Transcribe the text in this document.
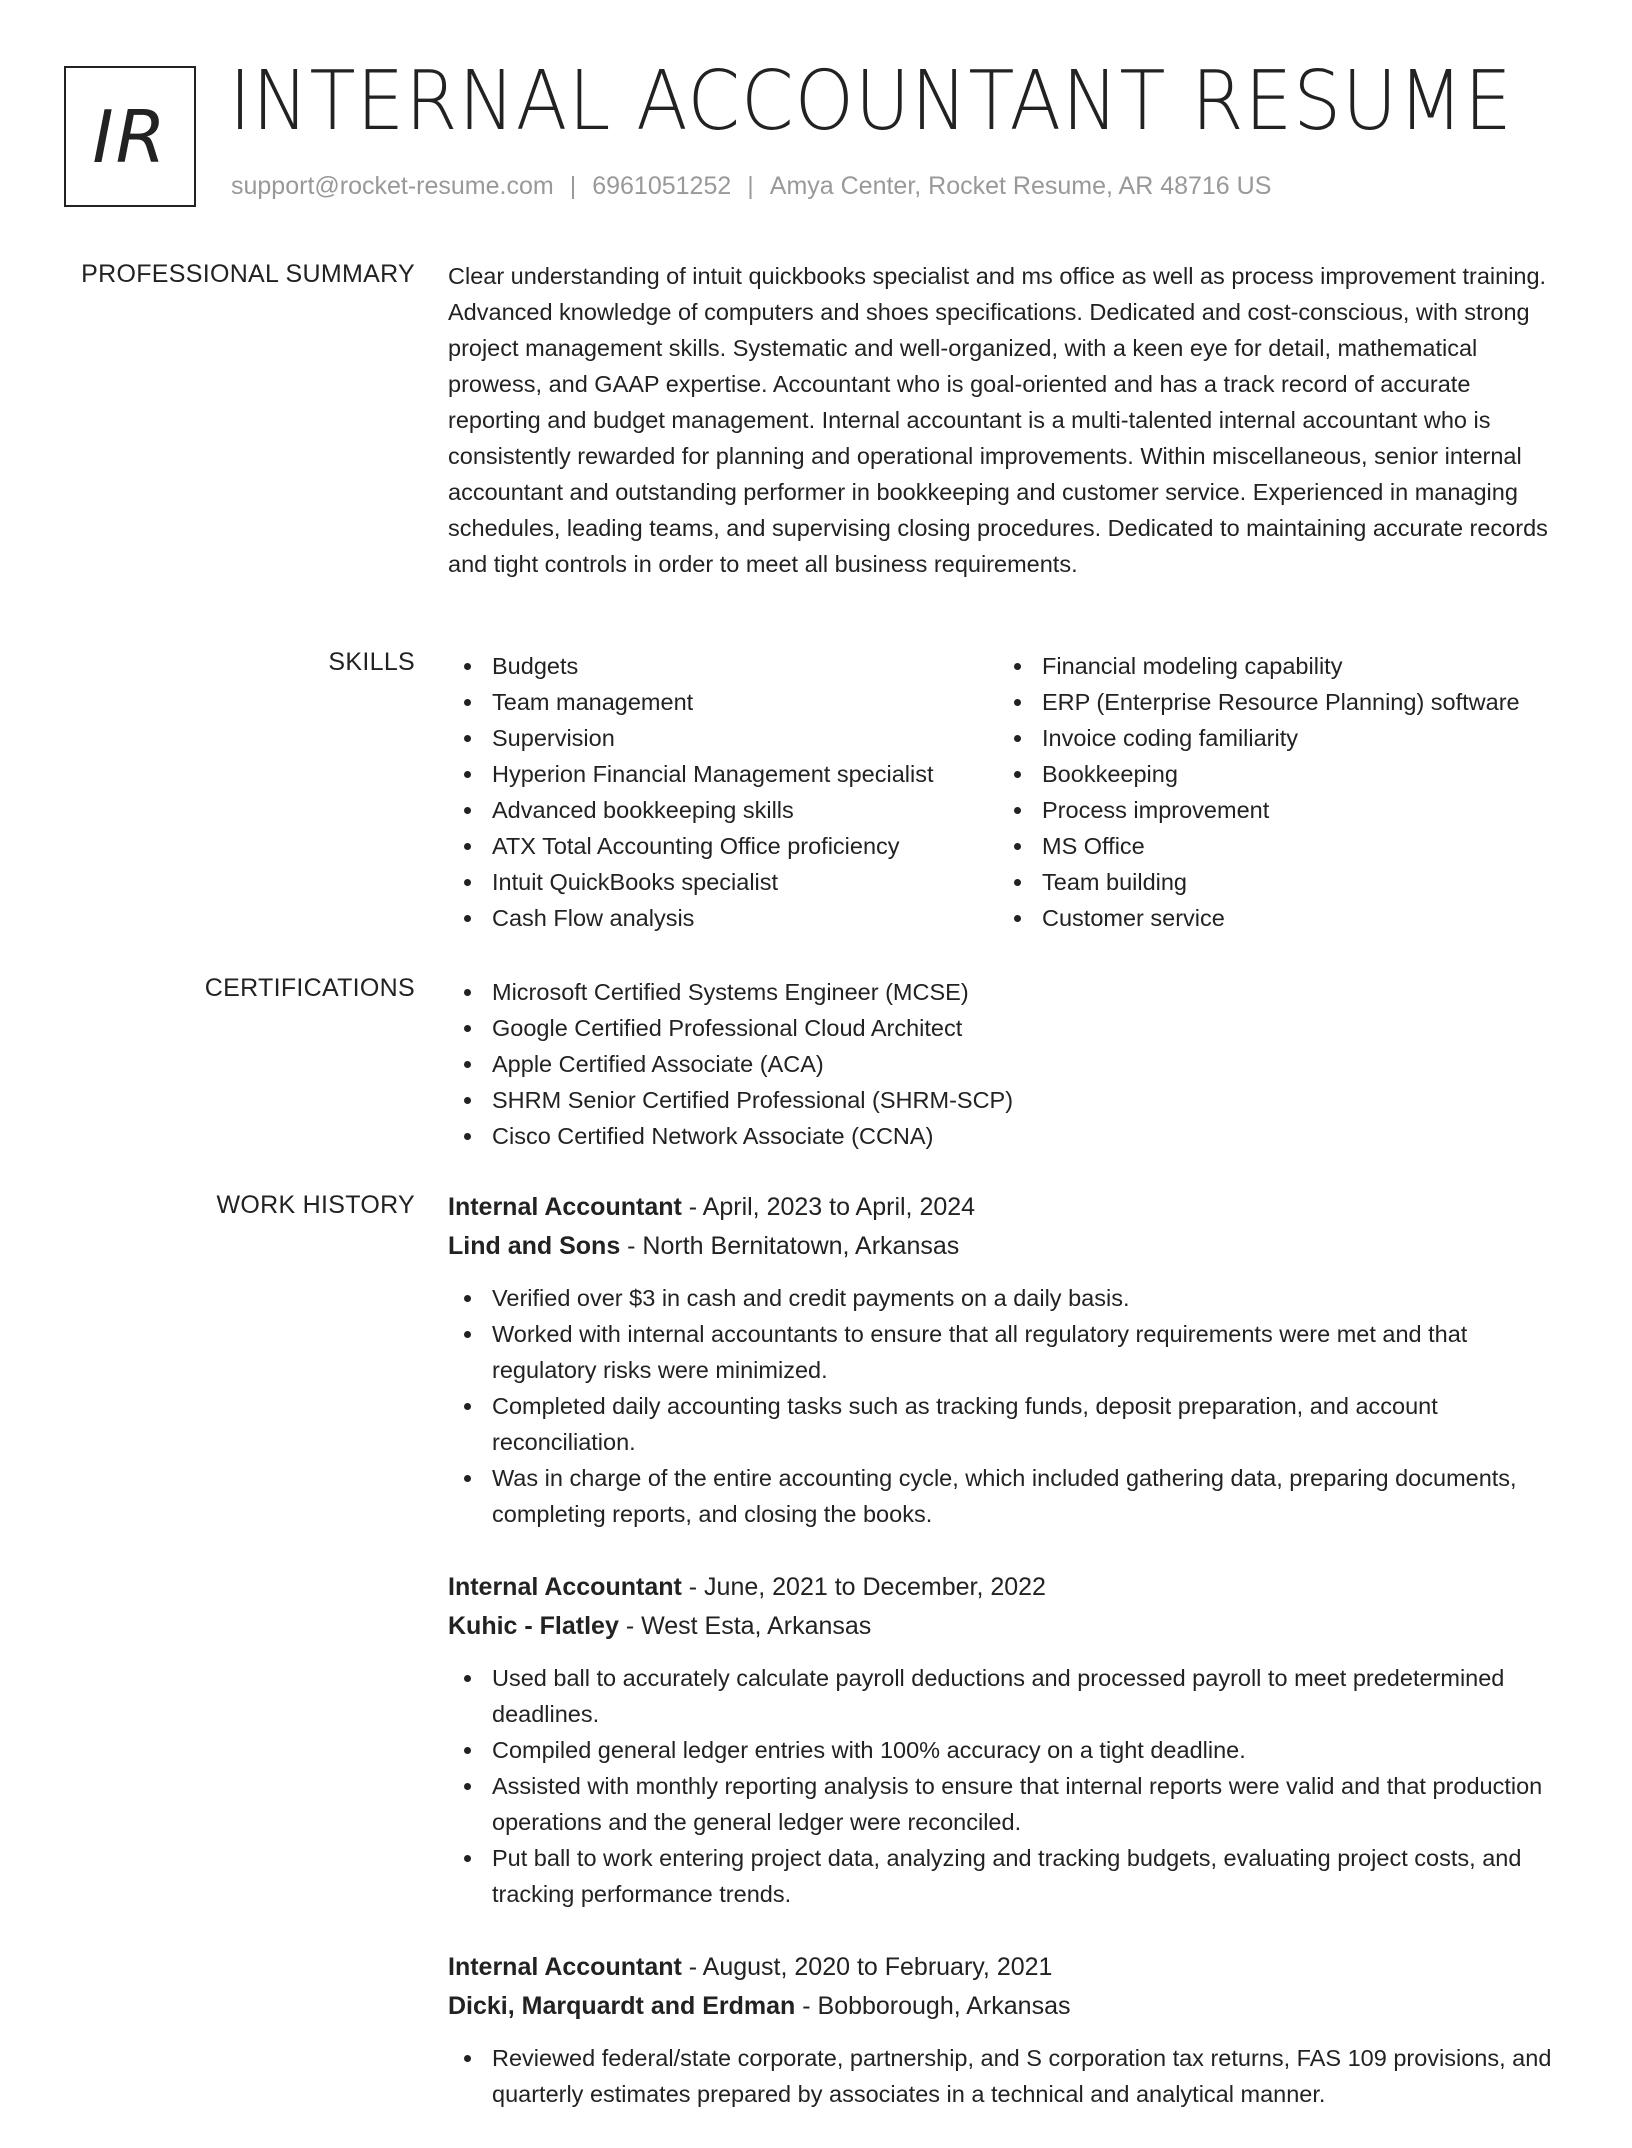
IR INTERNAL ACCOUNTANT RESUME
support@rocket-resume.com | 6961051252 | Amya Center, Rocket Resume, AR 48716 US
PROFESSIONAL SUMMARY Clear understanding of intuit quickbooks specialist and ms office as well as process improvement training. Advanced knowledge of computers and shoes specifications. Dedicated and cost-conscious, with strong project management skills. Systematic and well-organized, with a keen eye for detail, mathematical prowess, and GAAP expertise. Accountant who is goal-oriented and has a track record of accurate reporting and budget management. Internal accountant is a multi-talented internal accountant who is consistently rewarded for planning and operational improvements. Within miscellaneous, senior internal accountant and outstanding performer in bookkeeping and customer service. Experienced in managing schedules, leading teams, and supervising closing procedures. Dedicated to maintaining accurate records and tight controls in order to meet all business requirements.

SKILLS	Budgets
Team management
Supervision
Hyperion Financial Management specialist
Advanced bookkeeping skills
ATX Total Accounting Office proficiency
Intuit QuickBooks specialist
Cash Flow analysis
Financial modeling capability
ERP (Enterprise Resource Planning) software
Invoice coding familiarity
Bookkeeping
Process improvement
MS Office
Team building
Customer service
CERTIFICATIONS	Microsoft Certified Systems Engineer (MCSE)
Google Certified Professional Cloud Architect
Apple Certified Associate (ACA)
SHRM Senior Certified Professional (SHRM-SCP)
Cisco Certified Network Associate (CCNA)
WORK HISTORY Internal Accountant - April, 2023 to April, 2024
Lind and Sons - North Bernitatown, Arkansas
Verified over $3 in cash and credit payments on a daily basis.
Worked with internal accountants to ensure that all regulatory requirements were met and that regulatory risks were minimized.
Completed daily accounting tasks such as tracking funds, deposit preparation, and account reconciliation.
Was in charge of the entire accounting cycle, which included gathering data, preparing documents, completing reports, and closing the books.
Internal Accountant - June, 2021 to December, 2022
Kuhic - Flatley - West Esta, Arkansas
Used ball to accurately calculate payroll deductions and processed payroll to meet predetermined deadlines.
Compiled general ledger entries with 100% accuracy on a tight deadline.
Assisted with monthly reporting analysis to ensure that internal reports were valid and that production operations and the general ledger were reconciled.
Put ball to work entering project data, analyzing and tracking budgets, evaluating project costs, and tracking performance trends.
Internal Accountant - August, 2020 to February, 2021
Dicki, Marquardt and Erdman - Bobborough, Arkansas
Reviewed federal/state corporate, partnership, and S corporation tax returns, FAS 109 provisions, and quarterly estimates prepared by associates in a technical and analytical manner.
